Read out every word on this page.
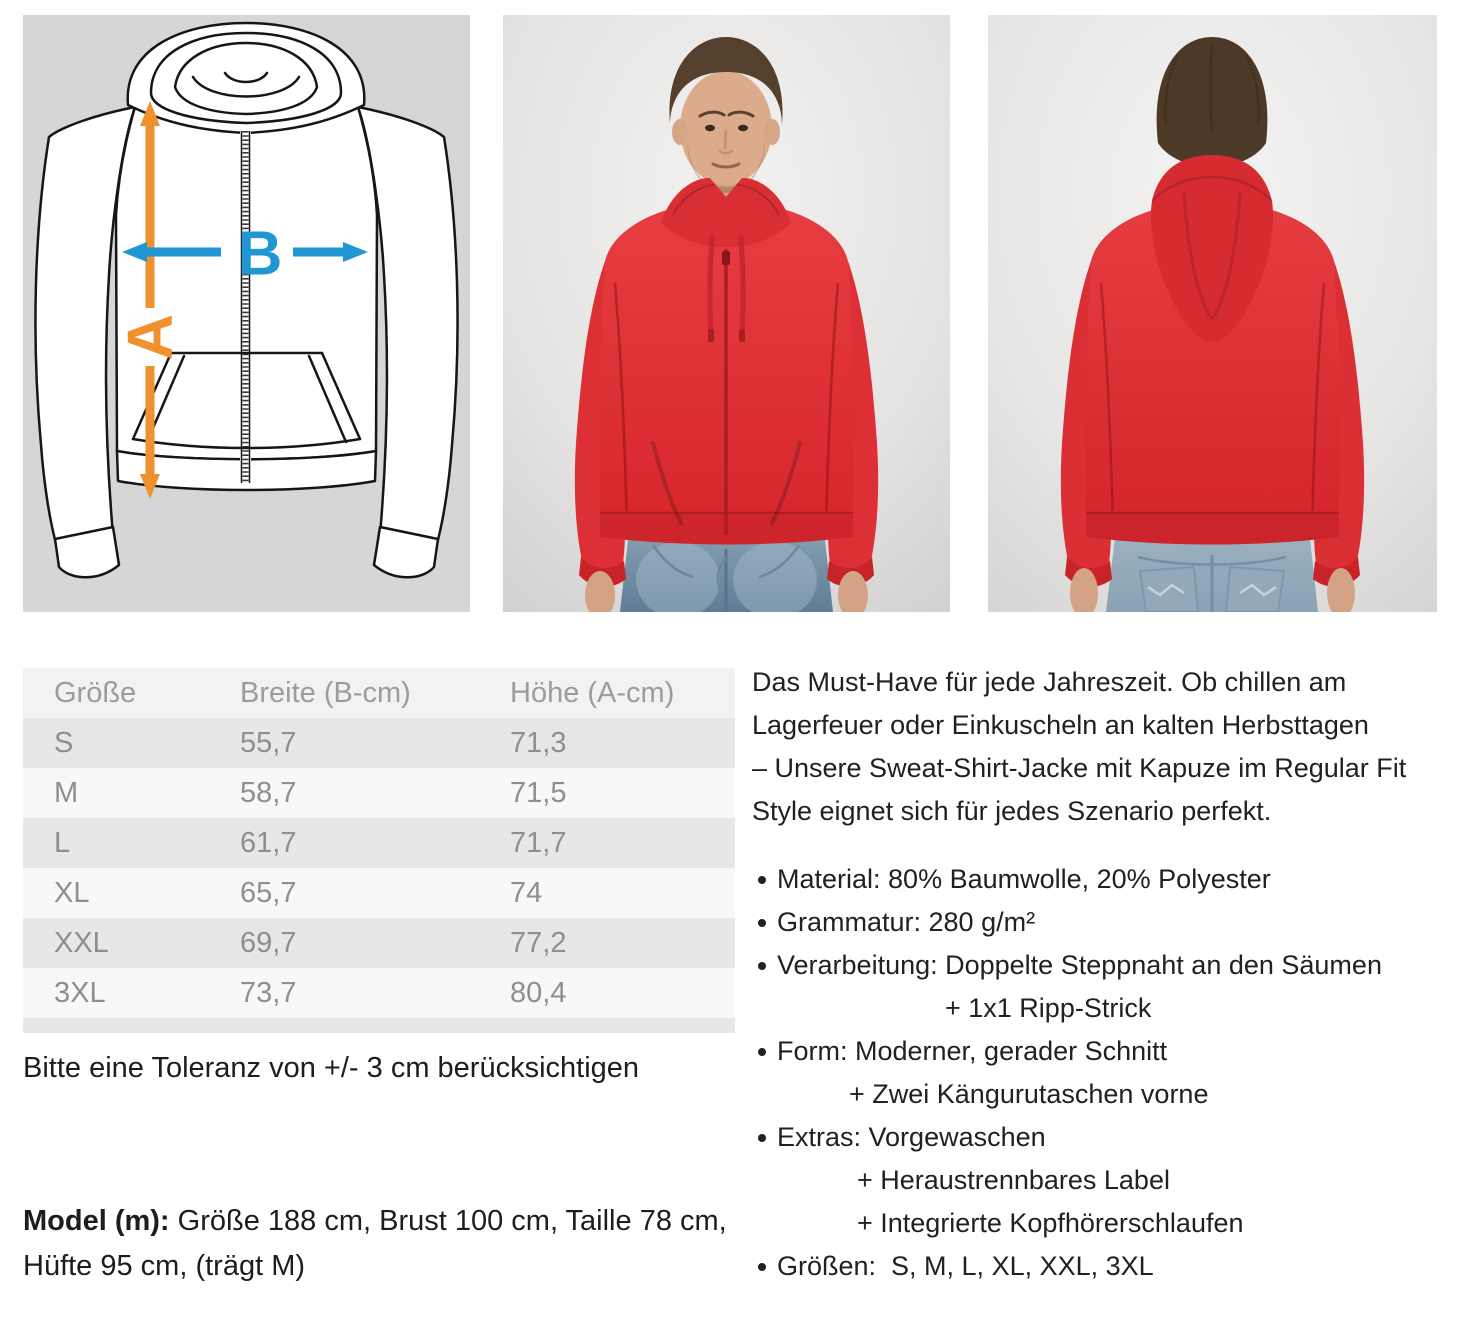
A
B
Größe	Breite (B-cm)	Höhe (A-cm)
S	55,7	71,3
M	58,7	71,5
L	61,7	71,7
XL	65,7	74
XXL	69,7	77,2
3XL	73,7	80,4

Bitte eine Toleranz von +/- 3 cm berücksichtigen

Model (m): Größe 188 cm, Brust 100 cm, Taille 78 cm,
Hüfte 95 cm, (trägt M)

Das Must-Have für jede Jahreszeit. Ob chillen am
Lagerfeuer oder Einkuscheln an kalten Herbsttagen
– Unsere Sweat-Shirt-Jacke mit Kapuze im Regular Fit
Style eignet sich für jedes Szenario perfekt.

Material: 80% Baumwolle, 20% Polyester
Grammatur: 280 g/m²
Verarbeitung: Doppelte Steppnaht an den Säumen
+ 1x1 Ripp-Strick
Form: Moderner, gerader Schnitt
+ Zwei Kängurutaschen vorne
Extras: Vorgewaschen
+ Heraustrennbares Label
+ Integrierte Kopfhörerschlaufen
Größen:  S, M, L, XL, XXL, 3XL
